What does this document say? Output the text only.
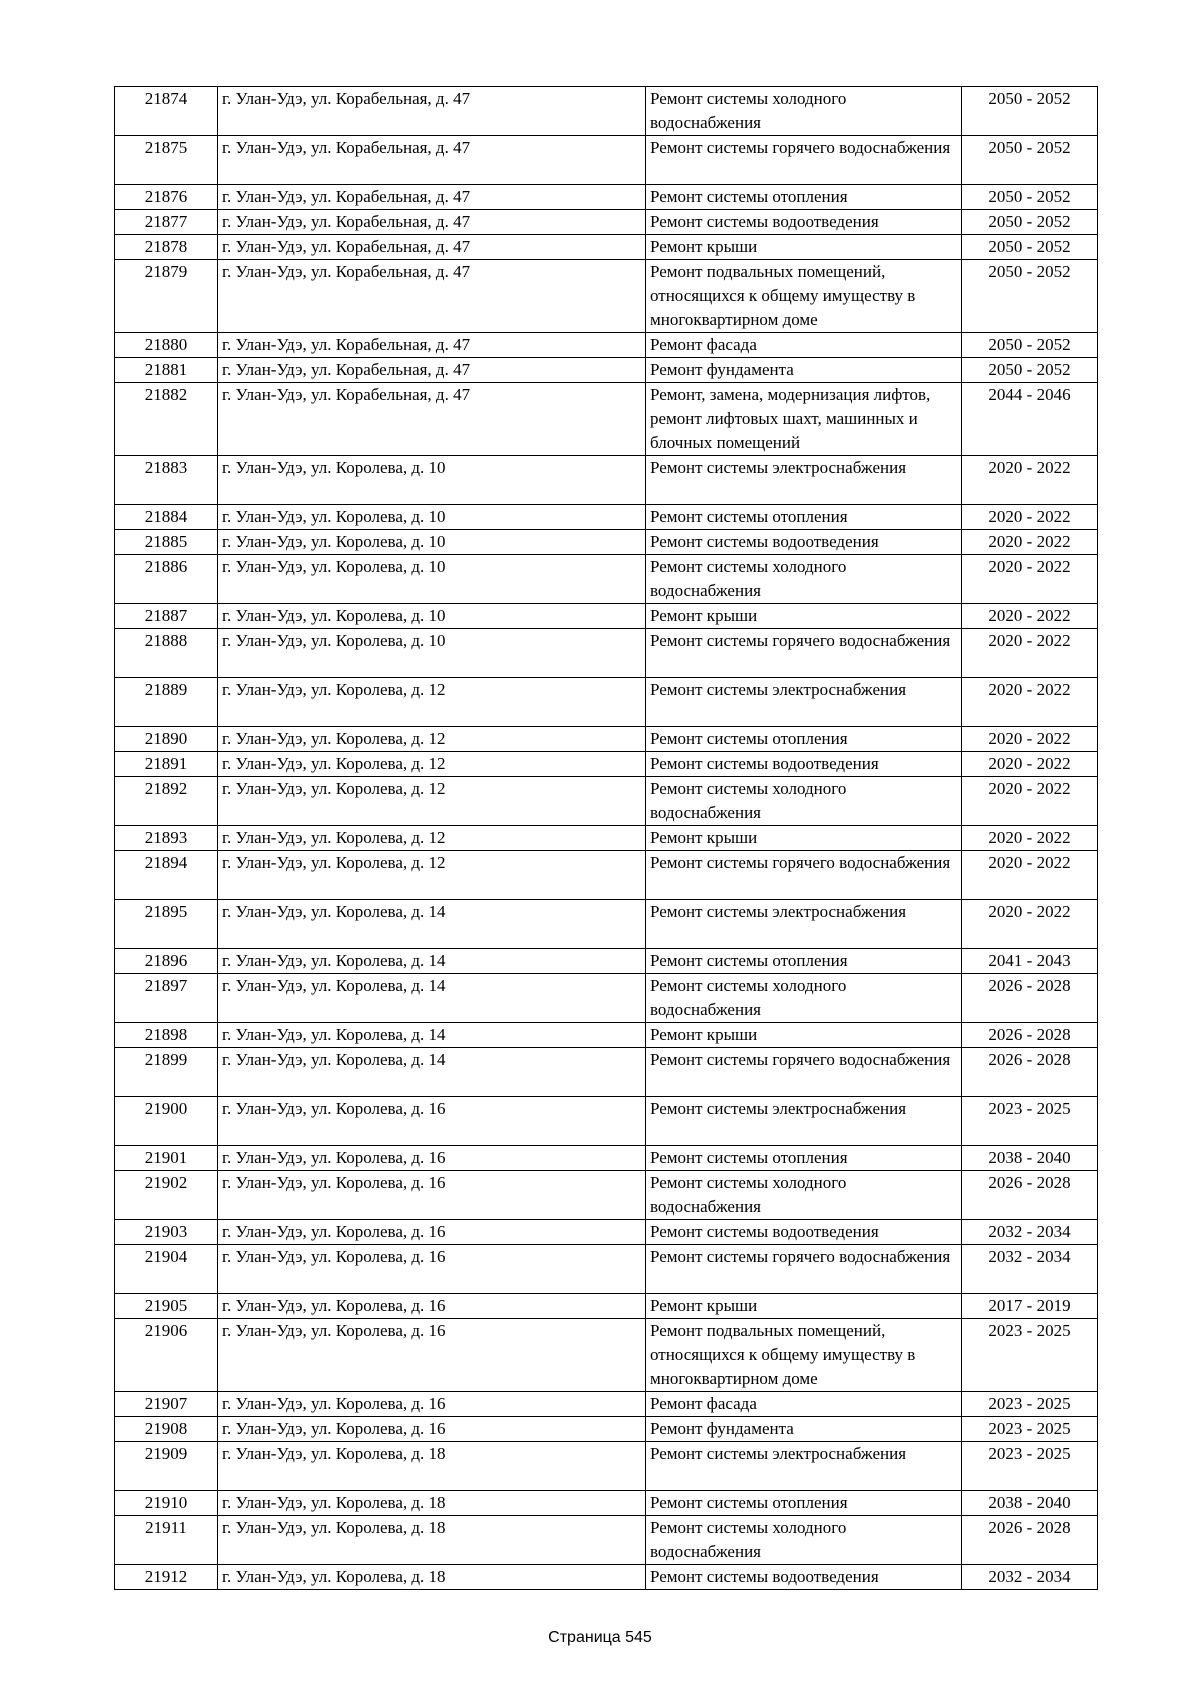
21874	г. Улан-Удэ, ул. Корабельная, д. 47	Ремонт системы холодного водоснабжения	2050 - 2052
21875	г. Улан-Удэ, ул. Корабельная, д. 47	Ремонт системы горячего водоснабжения	2050 - 2052
21876	г. Улан-Удэ, ул. Корабельная, д. 47	Ремонт системы отопления	2050 - 2052
21877	г. Улан-Удэ, ул. Корабельная, д. 47	Ремонт системы водоотведения	2050 - 2052
21878	г. Улан-Удэ, ул. Корабельная, д. 47	Ремонт крыши	2050 - 2052
21879	г. Улан-Удэ, ул. Корабельная, д. 47	Ремонт подвальных помещений, относящихся к общему имуществу в многоквартирном доме	2050 - 2052
21880	г. Улан-Удэ, ул. Корабельная, д. 47	Ремонт фасада	2050 - 2052
21881	г. Улан-Удэ, ул. Корабельная, д. 47	Ремонт фундамента	2050 - 2052
21882	г. Улан-Удэ, ул. Корабельная, д. 47	Ремонт, замена, модернизация лифтов, ремонт лифтовых шахт, машинных и блочных помещений	2044 - 2046
21883	г. Улан-Удэ, ул. Королева, д. 10	Ремонт системы электроснабжения	2020 - 2022
21884	г. Улан-Удэ, ул. Королева, д. 10	Ремонт системы отопления	2020 - 2022
21885	г. Улан-Удэ, ул. Королева, д. 10	Ремонт системы водоотведения	2020 - 2022
21886	г. Улан-Удэ, ул. Королева, д. 10	Ремонт системы холодного водоснабжения	2020 - 2022
21887	г. Улан-Удэ, ул. Королева, д. 10	Ремонт крыши	2020 - 2022
21888	г. Улан-Удэ, ул. Королева, д. 10	Ремонт системы горячего водоснабжения	2020 - 2022
21889	г. Улан-Удэ, ул. Королева, д. 12	Ремонт системы электроснабжения	2020 - 2022
21890	г. Улан-Удэ, ул. Королева, д. 12	Ремонт системы отопления	2020 - 2022
21891	г. Улан-Удэ, ул. Королева, д. 12	Ремонт системы водоотведения	2020 - 2022
21892	г. Улан-Удэ, ул. Королева, д. 12	Ремонт системы холодного водоснабжения	2020 - 2022
21893	г. Улан-Удэ, ул. Королева, д. 12	Ремонт крыши	2020 - 2022
21894	г. Улан-Удэ, ул. Королева, д. 12	Ремонт системы горячего водоснабжения	2020 - 2022
21895	г. Улан-Удэ, ул. Королева, д. 14	Ремонт системы электроснабжения	2020 - 2022
21896	г. Улан-Удэ, ул. Королева, д. 14	Ремонт системы отопления	2041 - 2043
21897	г. Улан-Удэ, ул. Королева, д. 14	Ремонт системы холодного водоснабжения	2026 - 2028
21898	г. Улан-Удэ, ул. Королева, д. 14	Ремонт крыши	2026 - 2028
21899	г. Улан-Удэ, ул. Королева, д. 14	Ремонт системы горячего водоснабжения	2026 - 2028
21900	г. Улан-Удэ, ул. Королева, д. 16	Ремонт системы электроснабжения	2023 - 2025
21901	г. Улан-Удэ, ул. Королева, д. 16	Ремонт системы отопления	2038 - 2040
21902	г. Улан-Удэ, ул. Королева, д. 16	Ремонт системы холодного водоснабжения	2026 - 2028
21903	г. Улан-Удэ, ул. Королева, д. 16	Ремонт системы водоотведения	2032 - 2034
21904	г. Улан-Удэ, ул. Королева, д. 16	Ремонт системы горячего водоснабжения	2032 - 2034
21905	г. Улан-Удэ, ул. Королева, д. 16	Ремонт крыши	2017 - 2019
21906	г. Улан-Удэ, ул. Королева, д. 16	Ремонт подвальных помещений, относящихся к общему имуществу в многоквартирном доме	2023 - 2025
21907	г. Улан-Удэ, ул. Королева, д. 16	Ремонт фасада	2023 - 2025
21908	г. Улан-Удэ, ул. Королева, д. 16	Ремонт фундамента	2023 - 2025
21909	г. Улан-Удэ, ул. Королева, д. 18	Ремонт системы электроснабжения	2023 - 2025
21910	г. Улан-Удэ, ул. Королева, д. 18	Ремонт системы отопления	2038 - 2040
21911	г. Улан-Удэ, ул. Королева, д. 18	Ремонт системы холодного водоснабжения	2026 - 2028
21912	г. Улан-Удэ, ул. Королева, д. 18	Ремонт системы водоотведения	2032 - 2034
Страница 545
